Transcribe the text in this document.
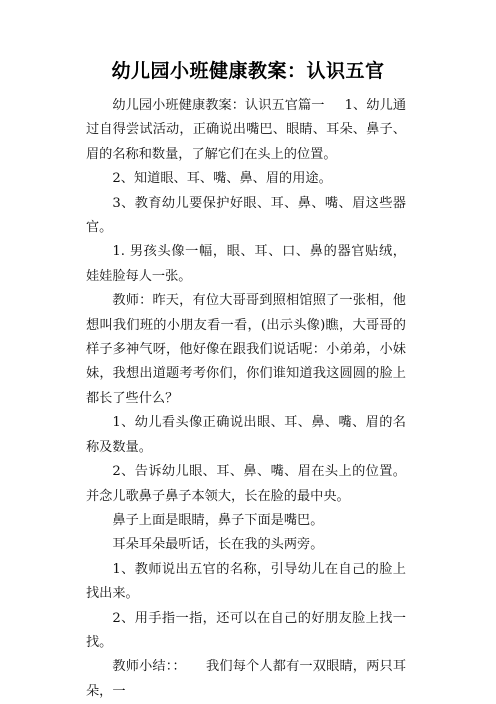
幼儿园小班健康教案：认识五官

幼儿园小班健康教案：认识五官篇一 1、幼儿通过自得尝试活动，正确说出嘴巴、眼睛、耳朵、鼻子、眉的名称和数量，了解它们在头上的位置。

2、知道眼、耳、嘴、鼻、眉的用途。

3、教育幼儿要保护好眼、耳、鼻、嘴、眉这些器官。

1. 男孩头像一幅，眼、耳、口、鼻的器官贴绒，娃娃脸每人一张。

教师：昨天，有位大哥哥到照相馆照了一张相，他想叫我们班的小朋友看一看，(出示头像)瞧，大哥哥的样子多神气呀，他好像在跟我们说话呢：小弟弟，小妹妹，我想出道题考考你们，你们谁知道我这圆圆的脸上都长了些什么？

1、幼儿看头像正确说出眼、耳、鼻、嘴、眉的名称及数量。

2、告诉幼儿眼、耳、鼻、嘴、眉在头上的位置。并念儿歌鼻子鼻子本领大，长在脸的最中央。

鼻子上面是眼睛，鼻子下面是嘴巴。

耳朵耳朵最听话，长在我的头两旁。

1、教师说出五官的名称，引导幼儿在自己的脸上找出来。

2、用手指一指，还可以在自己的好朋友脸上找一找。

教师小结：： 我们每个人都有一双眼睛，两只耳朵，一
